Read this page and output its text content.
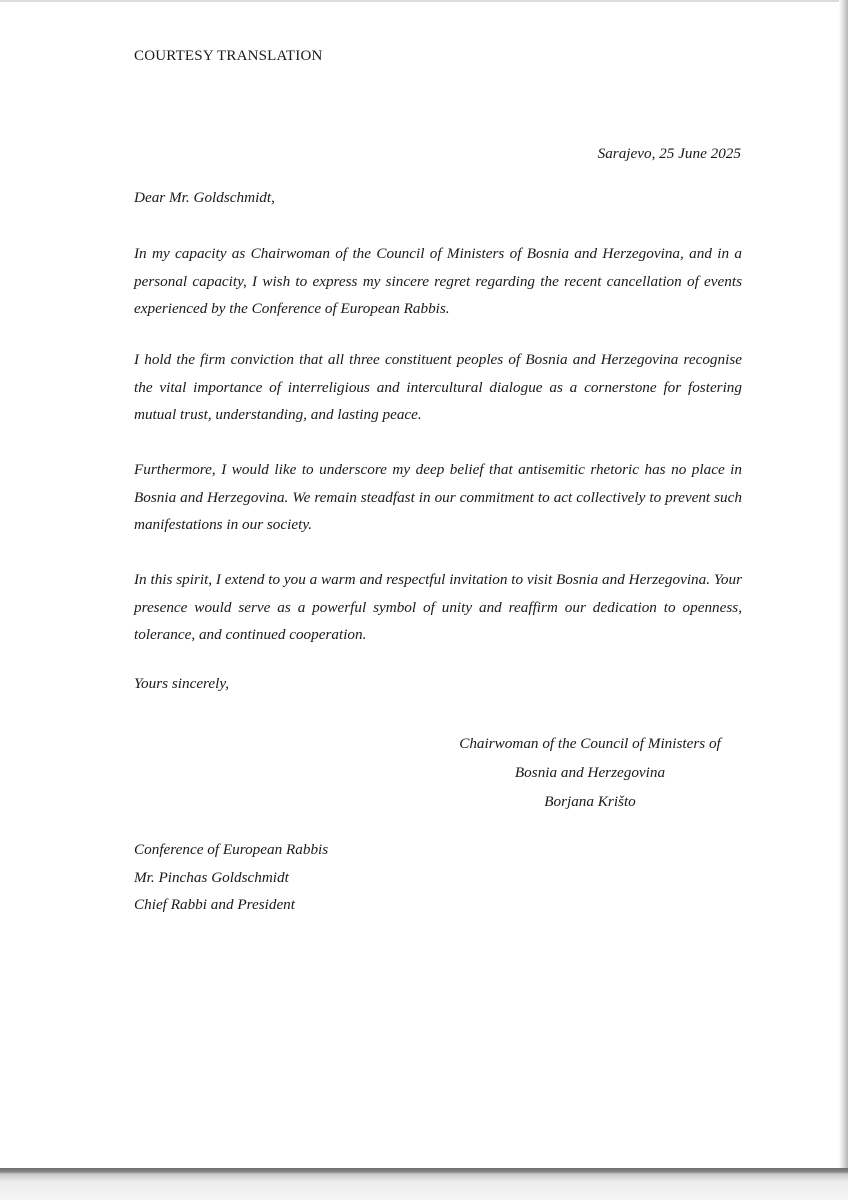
COURTESY TRANSLATION
Sarajevo, 25 June 2025
Dear Mr. Goldschmidt,

In my capacity as Chairwoman of the Council of Ministers of Bosnia and Herzegovina, and in a personal capacity, I wish to express my sincere regret regarding the recent cancellation of events experienced by the Conference of European Rabbis.

I hold the firm conviction that all three constituent peoples of Bosnia and Herzegovina recognise the vital importance of interreligious and intercultural dialogue as a cornerstone for fostering mutual trust, understanding, and lasting peace.

Furthermore, I would like to underscore my deep belief that antisemitic rhetoric has no place in Bosnia and Herzegovina. We remain steadfast in our commitment to act collectively to prevent such manifestations in our society.

In this spirit, I extend to you a warm and respectful invitation to visit Bosnia and Herzegovina. Your presence would serve as a powerful symbol of unity and reaffirm our dedication to openness, tolerance, and continued cooperation.

Yours sincerely,
Chairwoman of the Council of Ministers of
Bosnia and Herzegovina
Borjana Krišto
Conference of European Rabbis
Mr. Pinchas Goldschmidt
Chief Rabbi and President
